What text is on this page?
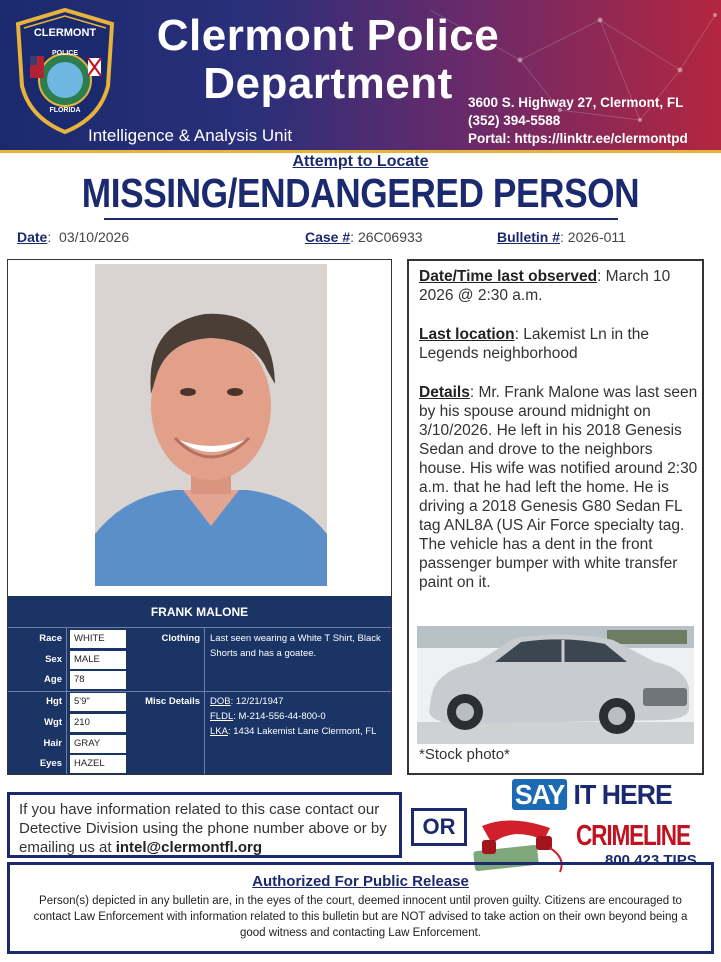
CLERMONT
POLICE
FLORIDA
Clermont Police Department
Intelligence & Analysis Unit
3600 S. Highway 27, Clermont, FL
(352) 394-5588
Portal: https://linktr.ee/clermontpd
Attempt to Locate
MISSING/ENDANGERED PERSON
Date:  03/10/2026	Case #: 26C06933	Bulletin #: 2026-011
FRANK MALONE
Race	WHITE
Sex	MALE
Age	78
Hgt	5'9"
Wgt	210
Hair	GRAY
Eyes	HAZEL
Clothing Last seen wearing a White T Shirt, Black Shorts and has a goatee.
Misc Details DOB: 12/21/1947
FLDL: M-214-556-44-800-0
LKA: 1434 Lakemist Lane Clermont, FL
Date/Time last observed: March 10 2026 @ 2:30 a.m.
Last location: Lakemist Ln in the Legends neighborhood
Details: Mr. Frank Malone was last seen by his spouse around midnight on 3/10/2026. He left in his 2018 Genesis Sedan and drove to the neighbors house. His wife was notified around 2:30 a.m. that he had left the home. He is driving a 2018 Genesis G80 Sedan FL tag ANL8A (US Air Force specialty tag. The vehicle has a dent in the front passenger bumper with white transfer paint on it.
*Stock photo*
If you have information related to this case contact our Detective Division using the phone number above or by emailing us at intel@clermontfl.org
OR
SAY IT HERE
CRIMELINE
800.423.TIPS
Authorized For Public Release
Person(s) depicted in any bulletin are, in the eyes of the court, deemed innocent until proven guilty. Citizens are encouraged to contact Law Enforcement with information related to this bulletin but are NOT advised to take action on their own beyond being a good witness and contacting Law Enforcement.
